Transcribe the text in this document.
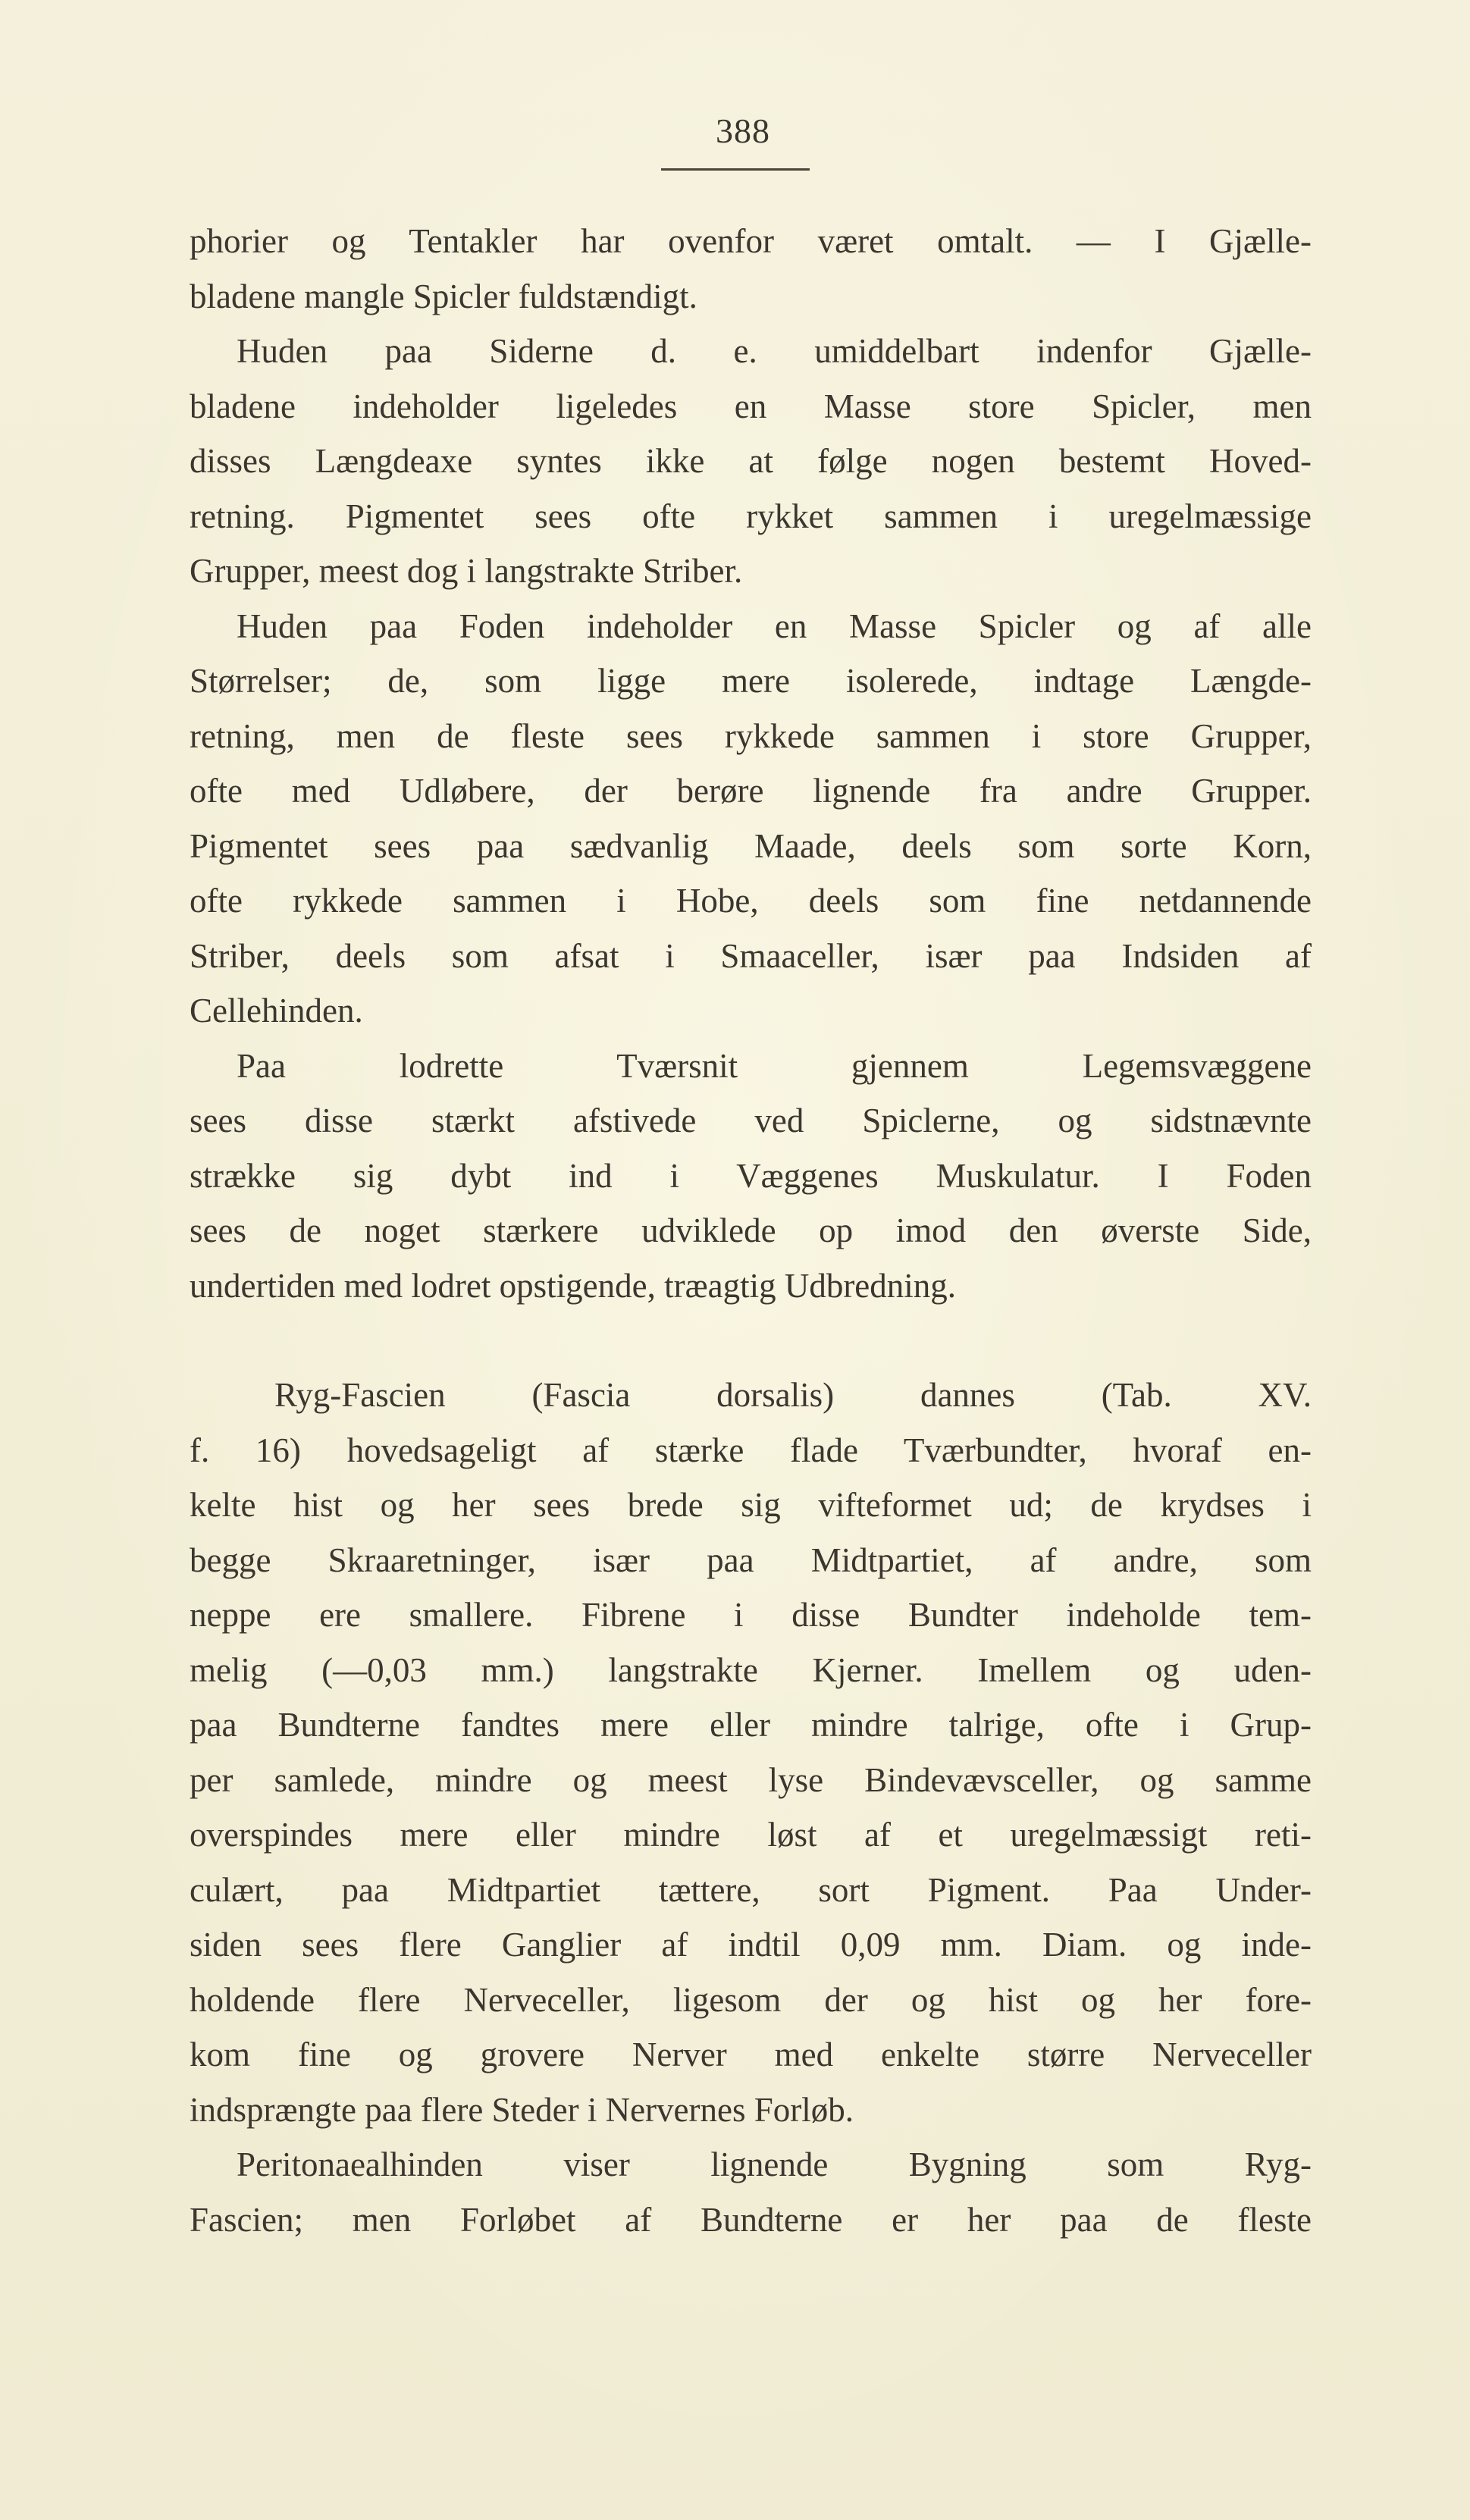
388
phorier og Tentakler har ovenfor været omtalt. — I Gjælle-
bladene mangle Spicler fuldstændigt.
Huden paa Siderne d. e. umiddelbart indenfor Gjælle-
bladene indeholder ligeledes en Masse store Spicler, men
disses Længdeaxe syntes ikke at følge nogen bestemt Hoved-
retning. Pigmentet sees ofte rykket sammen i uregelmæssige
Grupper, meest dog i langstrakte Striber.
Huden paa Foden indeholder en Masse Spicler og af alle
Størrelser; de, som ligge mere isolerede, indtage Længde-
retning, men de fleste sees rykkede sammen i store Grupper,
ofte med Udløbere, der berøre lignende fra andre Grupper.
Pigmentet sees paa sædvanlig Maade, deels som sorte Korn,
ofte rykkede sammen i Hobe, deels som fine netdannende
Striber, deels som afsat i Smaaceller, især paa Indsiden af
Cellehinden.
Paa lodrette Tværsnit gjennem Legemsvæggene
sees disse stærkt afstivede ved Spiclerne, og sidstnævnte
strække sig dybt ind i Væggenes Muskulatur. I Foden
sees de noget stærkere udviklede op imod den øverste Side,
undertiden med lodret opstigende, træagtig Udbredning.
Ryg-Fascien (Fascia dorsalis) dannes (Tab. XV.
f. 16) hovedsageligt af stærke flade Tværbundter, hvoraf en-
kelte hist og her sees brede sig vifteformet ud; de krydses i
begge Skraaretninger, især paa Midtpartiet, af andre, som
neppe ere smallere. Fibrene i disse Bundter indeholde tem-
melig (—0,03 mm.) langstrakte Kjerner. Imellem og uden-
paa Bundterne fandtes mere eller mindre talrige, ofte i Grup-
per samlede, mindre og meest lyse Bindevævsceller, og samme
overspindes mere eller mindre løst af et uregelmæssigt reti-
culært, paa Midtpartiet tættere, sort Pigment. Paa Under-
siden sees flere Ganglier af indtil 0,09 mm. Diam. og inde-
holdende flere Nerveceller, ligesom der og hist og her fore-
kom fine og grovere Nerver med enkelte større Nerveceller
indsprængte paa flere Steder i Nervernes Forløb.
Peritonaealhinden viser lignende Bygning som Ryg-
Fascien; men Forløbet af Bundterne er her paa de fleste
